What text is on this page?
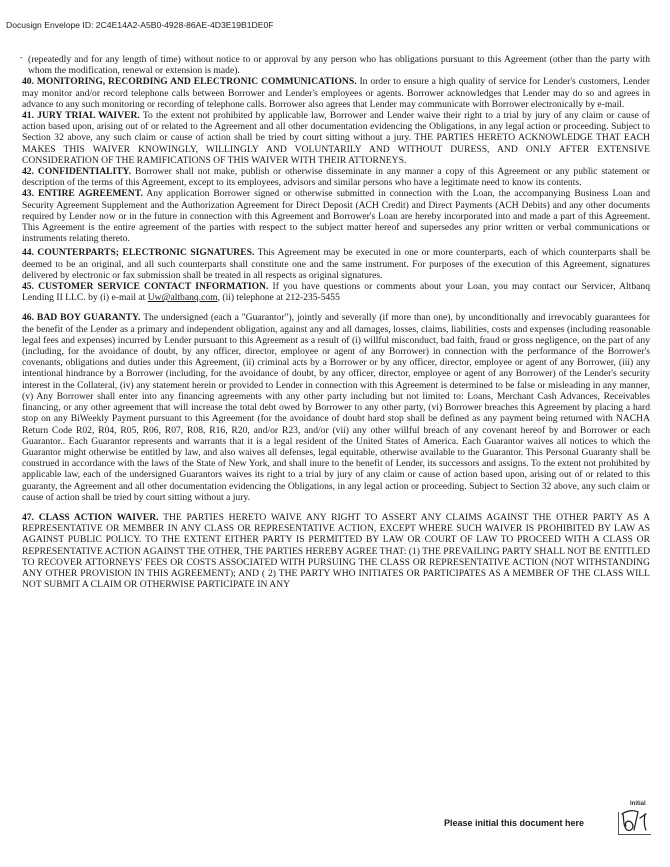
Docusign Envelope ID: 2C4E14A2-A5B0-4928-86AE-4D3E19B1DE0F

- (repeatedly and for any length of time) without notice to or approval by any person who has obligations pursuant to this Agreement (other than the party with whom the modification, renewal or extension is made).

40. MONITORING, RECORDING AND ELECTRONIC COMMUNICATIONS. In order to ensure a high quality of service for Lender's customers, Lender may monitor and/or record telephone calls between Borrower and Lender's employees or agents. Borrower acknowledges that Lender may do so and agrees in advance to any such monitoring or recording of telephone calls. Borrower also agrees that Lender may communicate with Borrower electronically by e-mail.

41. JURY TRIAL WAIVER. To the extent not prohibited by applicable law, Borrower and Lender waive their right to a trial by jury of any claim or cause of action based upon, arising out of or related to the Agreement and all other documentation evidencing the Obligations, in any legal action or proceeding. Subject to Section 32 above, any such claim or cause of action shall be tried by court sitting without a jury. THE PARTIES HERETO ACKNOWLEDGE THAT EACH MAKES THIS WAIVER KNOWINGLY, WILLINGLY AND VOLUNTARILY AND WITHOUT DURESS, AND ONLY AFTER EXTENSIVE CONSIDERATION OF THE RAMIFICATIONS OF THIS WAIVER WITH THEIR ATTORNEYS.

42. CONFIDENTIALITY. Borrower shall not make, publish or otherwise disseminate in any manner a copy of this Agreement or any public statement or description of the terms of this Agreement, except to its employees, advisors and similar persons who have a legitimate need to know its contents.

43. ENTIRE AGREEMENT. Any application Borrower signed or otherwise submitted in connection with the Loan, the accompanying Business Loan and Security Agreement Supplement and the Authorization Agreement for Direct Deposit (ACH Credit) and Direct Payments (ACH Debits) and any other documents required by Lender now or in the future in connection with this Agreement and Borrower's Loan are hereby incorporated into and made a part of this Agreement. This Agreement is the entire agreement of the parties with respect to the subject matter hereof and supersedes any prior written or verbal communications or instruments relating thereto.

44. COUNTERPARTS; ELECTRONIC SIGNATURES. This Agreement may be executed in one or more counterparts, each of which counterparts shall be deemed to be an original, and all such counterparts shall constitute one and the same instrument. For purposes of the execution of this Agreement, signatures delivered by electronic or fax submission shall be treated in all respects as original signatures.

45. CUSTOMER SERVICE CONTACT INFORMATION. If you have questions or comments about your Loan, you may contact our Servicer, Altbanq Lending II LLC. by (i) e-mail at Uw@altbanq.com, (ii) telephone at 212-235-5455

46. BAD BOY GUARANTY. The undersigned (each a "Guarantor"), jointly and severally (if more than one), by unconditionally and irrevocably guarantees for the benefit of the Lender as a primary and independent obligation, against any and all damages, losses, claims, liabilities, costs and expenses (including reasonable legal fees and expenses) incurred by Lender pursuant to this Agreement as a result of (i) willful misconduct, bad faith, fraud or gross negligence, on the part of any (including, for the avoidance of doubt, by any officer, director, employee or agent of any Borrower) in connection with the performance of the Borrower's covenants, obligations and duties under this Agreement, (ii) criminal acts by a Borrower or by any officer, director, employee or agent of any Borrower, (iii) any intentional hindrance by a Borrower (including, for the avoidance of doubt, by any officer, director, employee or agent of any Borrower) of the Lender's security interest in the Collateral, (iv) any statement herein or provided to Lender in connection with this Agreement is determined to be false or misleading in any manner, (v) Any Borrower shall enter into any financing agreements with any other party including but not limited to: Loans, Merchant Cash Advances, Receivables financing, or any other agreement that will increase the total debt owed by Borrower to any other party, (vi) Borrower breaches this Agreement by placing a hard stop on any BiWeekly Payment pursuant to this Agreement (for the avoidance of doubt hard stop shall be defined as any payment being returned with NACHA Return Code R02, R04, R05, R06, R07, R08, R16, R20, and/or R23, and/or (vii) any other willful breach of any covenant hereof by and Borrower or each Guarantor.. Each Guarantor represents and warrants that it is a legal resident of the United States of America. Each Guarantor waives all notices to which the Guarantor might otherwise be entitled by law, and also waives all defenses, legal equitable, otherwise available to the Guarantor. This Personal Guaranty shall be construed in accordance with the laws of the State of New York, and shall inure to the benefit of Lender, its successors and assigns. To the extent not prohibited by applicable law, each of the undersigned Guarantors waives its right to a trial by jury of any claim or cause of action based upon, arising out of or related to this guaranty, the Agreement and all other documentation evidencing the Obligations, in any legal action or proceeding. Subject to Section 32 above, any such claim or cause of action shall be tried by court sitting without a jury.

47. CLASS ACTION WAIVER. THE PARTIES HERETO WAIVE ANY RIGHT TO ASSERT ANY CLAIMS AGAINST THE OTHER PARTY AS A REPRESENTATIVE OR MEMBER IN ANY CLASS OR REPRESENTATIVE ACTION, EXCEPT WHERE SUCH WAIVER IS PROHIBITED BY LAW AS AGAINST PUBLIC POLICY. TO THE EXTENT EITHER PARTY IS PERMITTED BY LAW OR COURT OF LAW TO PROCEED WITH A CLASS OR REPRESENTATIVE ACTION AGAINST THE OTHER, THE PARTIES HEREBY AGREE THAT: (1) THE PREVAILING PARTY SHALL NOT BE ENTITLED TO RECOVER ATTORNEYS' FEES OR COSTS ASSOCIATED WITH PURSUING THE CLASS OR REPRESENTATIVE ACTION (NOT WITHSTANDING ANY OTHER PROVISION IN THIS AGREEMENT); AND ( 2) THE PARTY WHO INITIATES OR PARTICIPATES AS A MEMBER OF THE CLASS WILL NOT SUBMIT A CLAIM OR OTHERWISE PARTICIPATE IN ANY

Initial
Please initial this document here
